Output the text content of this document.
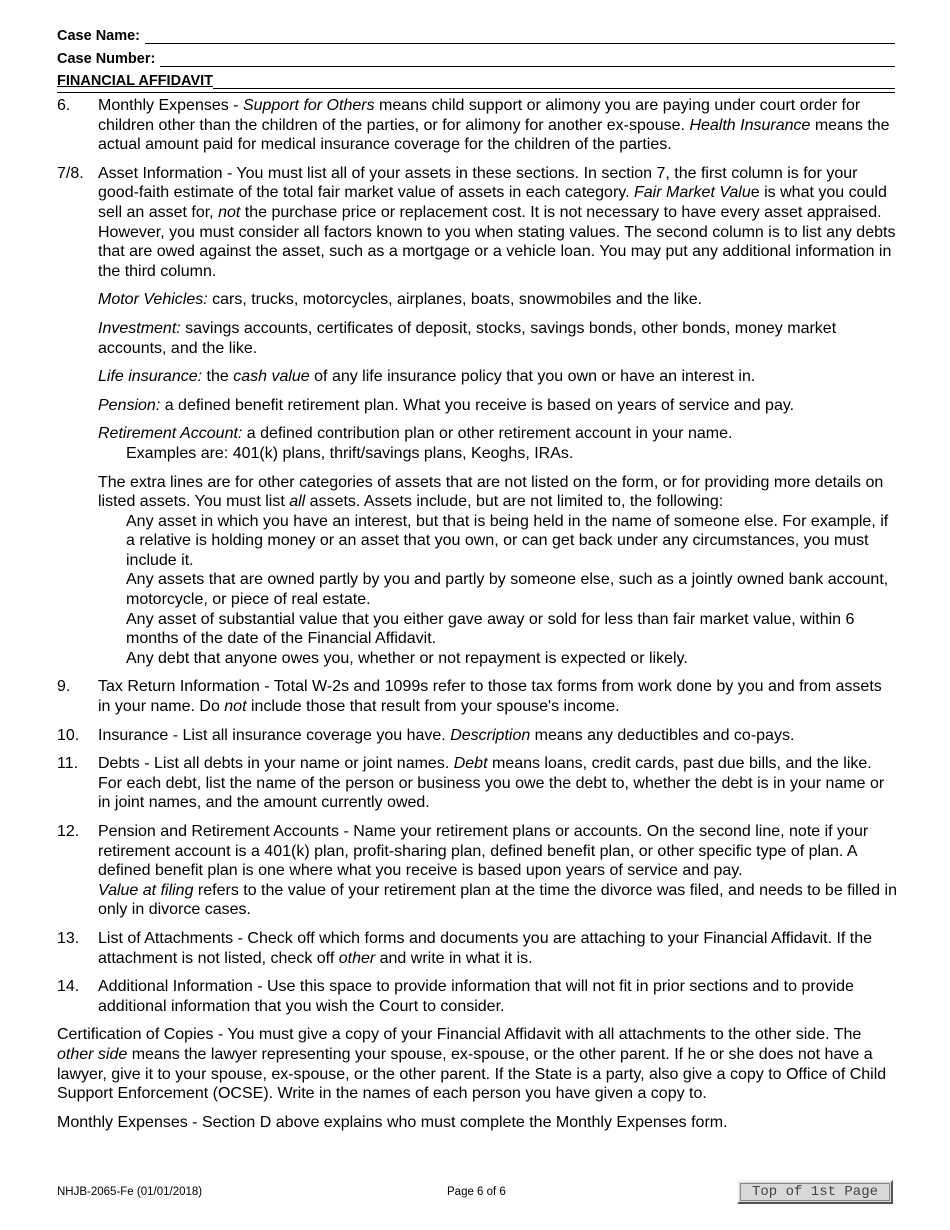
Case Name:
Case Number:
FINANCIAL AFFIDAVIT
6.	Monthly Expenses - Support for Others means child support or alimony you are paying under court order for children other than the children of the parties, or for alimony for another ex-spouse. Health Insurance means the actual amount paid for medical insurance coverage for the children of the parties.
7/8. Asset Information - You must list all of your assets in these sections. In section 7, the first column is for your good-faith estimate of the total fair market value of assets in each category. Fair Market Value is what you could sell an asset for, not the purchase price or replacement cost. It is not necessary to have every asset appraised. However, you must consider all factors known to you when stating values. The second column is to list any debts that are owed against the asset, such as a mortgage or a vehicle loan. You may put any additional information in the third column.

Motor Vehicles: cars, trucks, motorcycles, airplanes, boats, snowmobiles and the like.

Investment: savings accounts, certificates of deposit, stocks, savings bonds, other bonds, money market accounts, and the like.

Life insurance: the cash value of any life insurance policy that you own or have an interest in.

Pension: a defined benefit retirement plan. What you receive is based on years of service and pay.

Retirement Account: a defined contribution plan or other retirement account in your name.
Examples are: 401(k) plans, thrift/savings plans, Keoghs, IRAs.

The extra lines are for other categories of assets that are not listed on the form, or for providing more details on listed assets. You must list all assets. Assets include, but are not limited to, the following:
Any asset in which you have an interest, but that is being held in the name of someone else. For example, if a relative is holding money or an asset that you own, or can get back under any circumstances, you must include it.
Any assets that are owned partly by you and partly by someone else, such as a jointly owned bank account, motorcycle, or piece of real estate.
Any asset of substantial value that you either gave away or sold for less than fair market value, within 6 months of the date of the Financial Affidavit.
Any debt that anyone owes you, whether or not repayment is expected or likely.
9.	Tax Return Information - Total W-2s and 1099s refer to those tax forms from work done by you and from assets in your name. Do not include those that result from your spouse's income.
10.	Insurance - List all insurance coverage you have. Description means any deductibles and co-pays.
11.	Debts - List all debts in your name or joint names. Debt means loans, credit cards, past due bills, and the like. For each debt, list the name of the person or business you owe the debt to, whether the debt is in your name or in joint names, and the amount currently owed.
12.	Pension and Retirement Accounts - Name your retirement plans or accounts. On the second line, note if your retirement account is a 401(k) plan, profit-sharing plan, defined benefit plan, or other specific type of plan. A defined benefit plan is one where what you receive is based upon years of service and pay.
Value at filing refers to the value of your retirement plan at the time the divorce was filed, and needs to be filled in only in divorce cases.
13.	List of Attachments - Check off which forms and documents you are attaching to your Financial Affidavit. If the attachment is not listed, check off other and write in what it is.
14.	Additional Information - Use this space to provide information that will not fit in prior sections and to provide additional information that you wish the Court to consider.

Certification of Copies - You must give a copy of your Financial Affidavit with all attachments to the other side. The other side means the lawyer representing your spouse, ex-spouse, or the other parent. If he or she does not have a lawyer, give it to your spouse, ex-spouse, or the other parent. If the State is a party, also give a copy to Office of Child Support Enforcement (OCSE). Write in the names of each person you have given a copy to.

Monthly Expenses - Section D above explains who must complete the Monthly Expenses form.

NHJB-2065-Fe (01/01/2018)	Page 6 of 6	Top of 1st Page
